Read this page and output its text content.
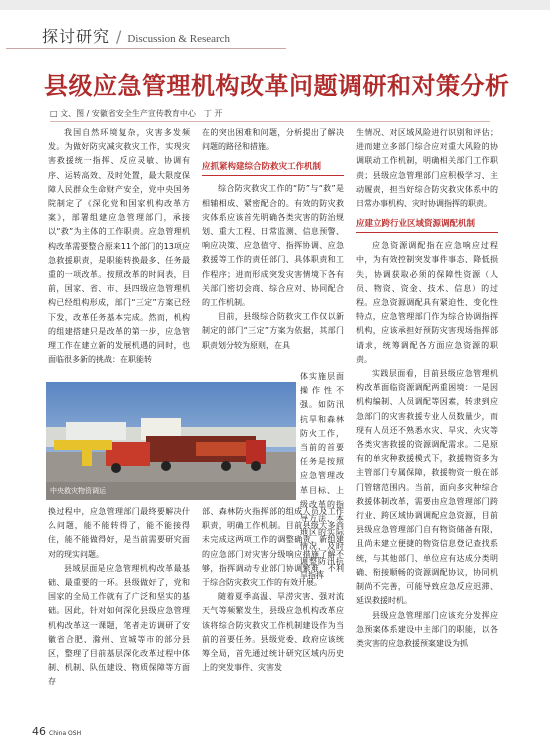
探讨研究 / Discussion & Research
县级应急管理机构改革问题调研和对策分析
□ 文、图 / 安徽省安全生产宣传教育中心 丁 开

我国自然环境复杂，灾害多发频发。为做好防灾减灾救灾工作，实现灾害救援统一指挥、反应灵敏、协调有序、运转高效、及时处置，最大限度保障人民群众生命财产安全，党中央国务院制定了《深化党和国家机构改革方案》，部署组建应急管理部门，承接以“救”为主体的工作职责。应急管理机构改革需要整合原来11个部门的13项应急救援职责，是职能转换最多、任务最重的一项改革。按照改革的时间表，目前，国家、省、市、县四级应急管理机构已经组构形成，部门“三定”方案已经下发，改革任务基本完成。然而，机构的组建搭建只是改革的第一步，应急管理工作在建立新的发展机遇的同时，也面临很多新的挑战：在职能转

在的突出困难和问题，分析提出了解决问题的路径和措施。

应抓紧构建综合防救灾工作机制

综合防灾救灾工作的“防”与“救”是相辅相成、紧密配合的。有效的防灾救灾体系应该首先明确各类灾害的防治规划、重大工程、日常监测、信息预警、响应决策、应急值守、指挥协调、应急救援等工作的责任部门、具体职责和工作程序；进而形成突发灾害情境下各有关部门密切会商、综合应对、协同配合的工作机制。

目前，县级综合防救灾工作仅以新制定的部门“三定”方案为依据，其部门职责划分较为原则，在具

体实施层面操作性不强。如防汛抗旱和森林防火工作，当前的首要任务是按照应急管理改革目标、上级改革的指导方法、本地区的实际情况，及时调整防汛抗旱指挥

中央救灾物资调运

换过程中，应急管理部门最终要解决什么问题，能不能转得了，能不能接得住，能不能做得好，是当前需要研究面对的现实问题。

县域层面是应急管理机构改革最基础、最重要的一环。县级做好了，党和国家的全局工作就有了广泛和坚实的基础。因此，针对如何深化县级应急管理机构改革这一课题，笔者走访调研了安徽省合肥、滁州、宣城等市的部分县区，整理了目前基层深化改革过程中体制、机制、队伍建设、物质保障等方面存

部、森林防火指挥部的组成人员及工作职责，明确工作机制。目前县级大多尚未完成这两项工作的调整确责，新组建的应急部门对灾害分级响应措施了解不够，指挥调动专业部门协调繁难，不利于综合防灾救灾工作的有效开展。

随着夏季高温、旱涝灾害、强对流天气等频繁发生，县级应急机构改革应该将综合防灾救灾工作机制建设作为当前的首要任务。县级党委、政府应该统筹全局，首先通过统计研究区域内历史上的突发事件、灾害发

生情况、对区域风险进行识别和评估；进而建立多部门综合应对重大风险的协调联动工作机制，明确相关部门工作职责；县级应急管理部门应积极学习、主动履责，担当好综合防灾救灾体系中的日常办事机构、灾时协调指挥的职责。

应建立跨行业区域资源调配机制

应急资源调配指在应急响应过程中，为有效控制突发事件事态、降低损失，协调获取必须的保障性资源（人员、物资、资金、技术、信息）的过程。应急资源调配具有紧迫性、变化性特点，应急管理部门作为综合协调指挥机构，应该承担好预防灾害现场指挥部请求，统筹调配各方面应急资源的职责。

实践层面看，目前县级应急管理机构改革面临资源调配两重困境：一是因机构编制、人员调配等因素，转隶到应急部门的灾害救援专业人员数量少，而现有人员还不熟悉水灾、旱灾、火灾等各类灾害救援的资源调配需求。二是原有的单灾种救援模式下，救援物资多为主管部门专属保障，救援物资一般在部门管辖范围内。当前，面向多灾种综合救援体制改革，需要由应急管理部门跨行业、跨区域协调调配应急资源，目前县级应急管理部门自有物资储备有限，且尚未建立便捷的物资信息登记查找系统，与其他部门、单位应有达成分类明确、衔接顺畅的资源调配协议，协同机制尚不完善，可能导致应急反应迟滞、延误救援时机。

县级应急管理部门应该充分发挥应急预案体系建设中主部门的职能，以各类灾害的应急救援预案建设为抓

46 China OSH
